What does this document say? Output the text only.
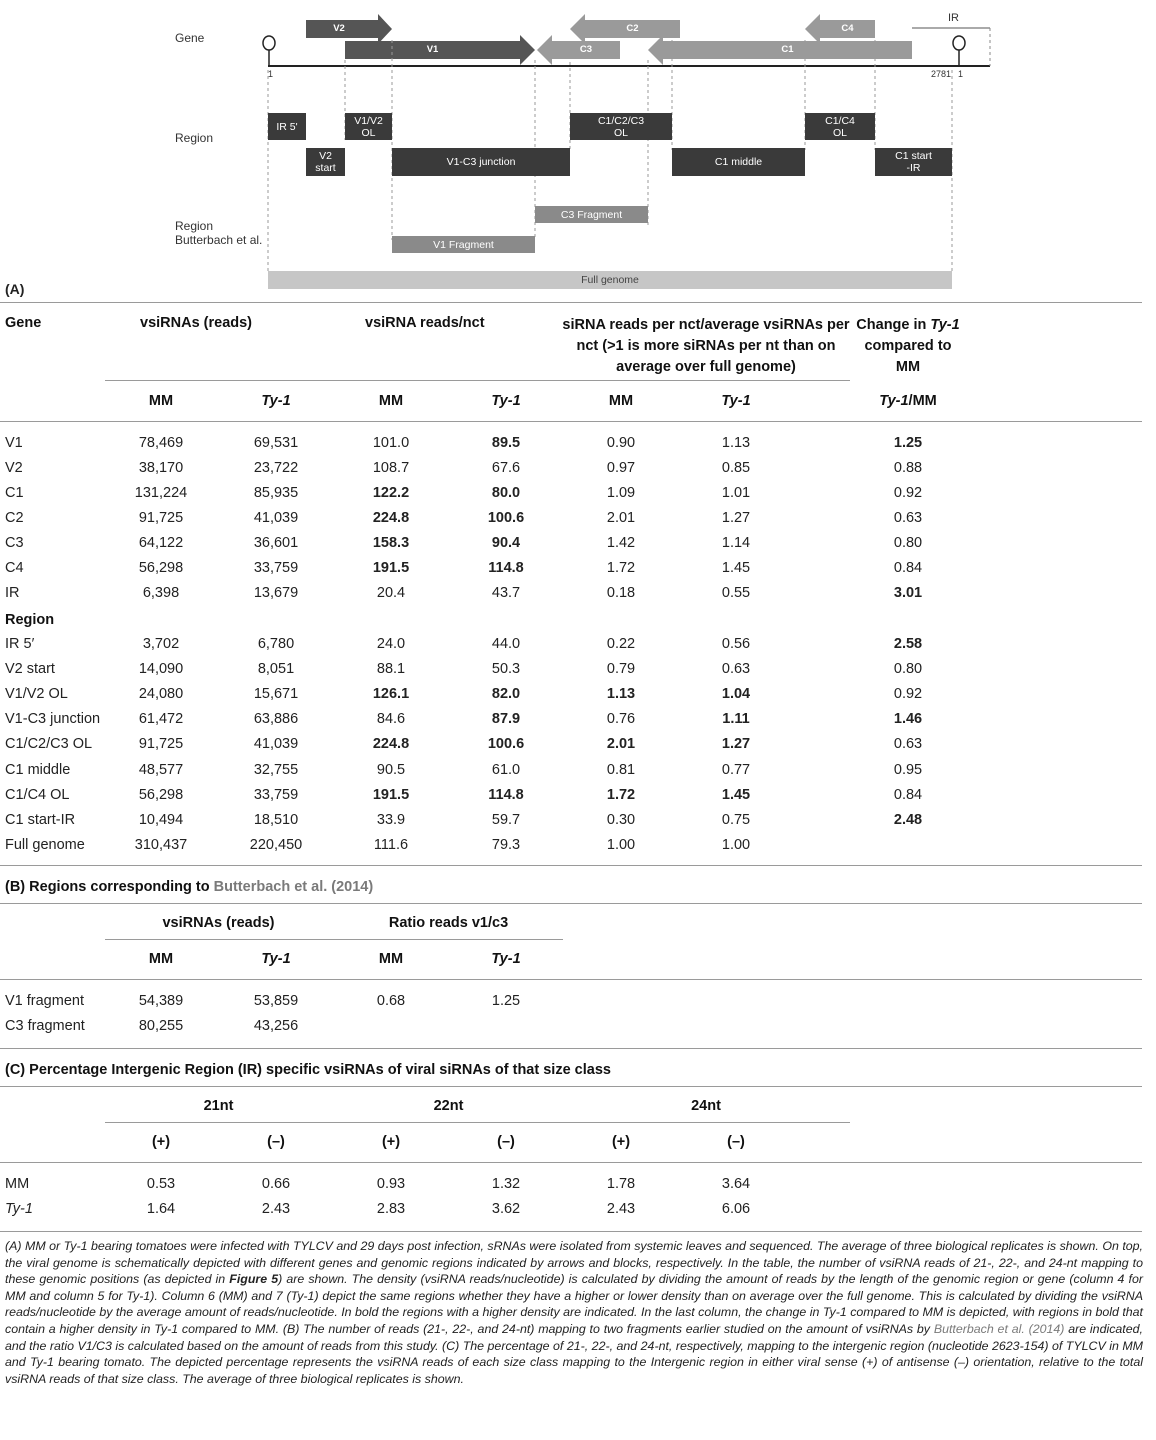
Gene
Region
Region
Butterbach et al.
IR
1	2781 1
(A)
V2
V1	C3
C2
C1
C4
IR 5'	V1/V2
OL
V2
start	V1-C3 junction
C1/C2/C3
OL
C1 middle
C1/C4
OL
C1 start
-IR
C3 Fragment
V1 Fragment
Full genome
Gene	vsiRNAs (reads)	vsiRNA reads/nct	siRNA reads per nct/average vsiRNAs per nct (>1 is more siRNAs per nt than on average over full genome)
Change in Ty-1 compared to MM
MM	Ty-1	MM	Ty-1	MM	Ty-1	Ty-1/MM
V1	78,469	69,531	101.0	89.5	0.90	1.13	1.25
V2	38,170	23,722	108.7	67.6	0.97	0.85	0.88
C1	131,224	85,935	122.2	80.0	1.09	1.01	0.92
C2	91,725	41,039	224.8	100.6	2.01	1.27	0.63
C3	64,122	36,601	158.3	90.4	1.42	1.14	0.80
C4	56,298	33,759	191.5	114.8	1.72	1.45	0.84
IR	6,398	13,679	20.4	43.7	0.18	0.55	3.01
IR 5′	3,702	6,780	24.0	44.0	0.22	0.56	2.58
V2 start	14,090	8,051	88.1	50.3	0.79	0.63	0.80
V1/V2 OL	24,080	15,671	126.1	82.0	1.13	1.04	0.92
V1-C3 junction	61,472	63,886	84.6	87.9	0.76	1.11	1.46
C1/C2/C3 OL	91,725	41,039	224.8	100.6	2.01	1.27	0.63
C1 middle	48,577	32,755	90.5	61.0	0.81	0.77	0.95
C1/C4 OL	56,298	33,759	191.5	114.8	1.72	1.45	0.84
C1 start-IR	10,494	18,510	33.9	59.7	0.30	0.75	2.48
Full genome	310,437	220,450	111.6	79.3	1.00	1.00
Region
(B) Regions corresponding to Butterbach et al. (2014)
vsiRNAs (reads)	Ratio reads v1/c3
MM	Ty-1	MM	Ty-1
V1 fragment	54,389	53,859	0.68	1.25
C3 fragment	80,255	43,256
(C) Percentage Intergenic Region (IR) specific vsiRNAs of viral siRNAs of that size class
21nt	22nt	24nt
(+)	(–)	(+)	(–)	(+)	(–)
MM	0.53	0.66	0.93	1.32	1.78	3.64
Ty-1	1.64	2.43	2.83	3.62	2.43	6.06
(A) MM or Ty-1 bearing tomatoes were infected with TYLCV and 29 days post infection, sRNAs were isolated from systemic leaves and sequenced. The average of three biological replicates is shown. On top, the viral genome is schematically depicted with different genes and genomic regions indicated by arrows and blocks, respectively. In the table, the number of vsiRNA reads of 21-, 22-, and 24-nt mapping to these genomic positions (as depicted in Figure 5) are shown. The density (vsiRNA reads/nucleotide) is calculated by dividing the amount of reads by the length of the genomic region or gene (column 4 for MM and column 5 for Ty-1). Column 6 (MM) and 7 (Ty-1) depict the same regions whether they have a higher or lower density than on average over the full genome. This is calculated by dividing the vsiRNA reads/nucleotide by the average amount of reads/nucleotide. In bold the regions with a higher density are indicated. In the last column, the change in Ty-1 compared to MM is depicted, with regions in bold that contain a higher density in Ty-1 compared to MM. (B) The number of reads (21-, 22-, and 24-nt) mapping to two fragments earlier studied on the amount of vsiRNAs by Butterbach et al. (2014) are indicated, and the ratio V1/C3 is calculated based on the amount of reads from this study. (C) The percentage of 21-, 22-, and 24-nt, respectively, mapping to the intergenic region (nucleotide 2623-154) of TYLCV in MM and Ty-1 bearing tomato. The depicted percentage represents the vsiRNA reads of each size class mapping to the Intergenic region in either viral sense (+) of antisense (–) orientation, relative to the total vsiRNA reads of that size class. The average of three biological replicates is shown.
